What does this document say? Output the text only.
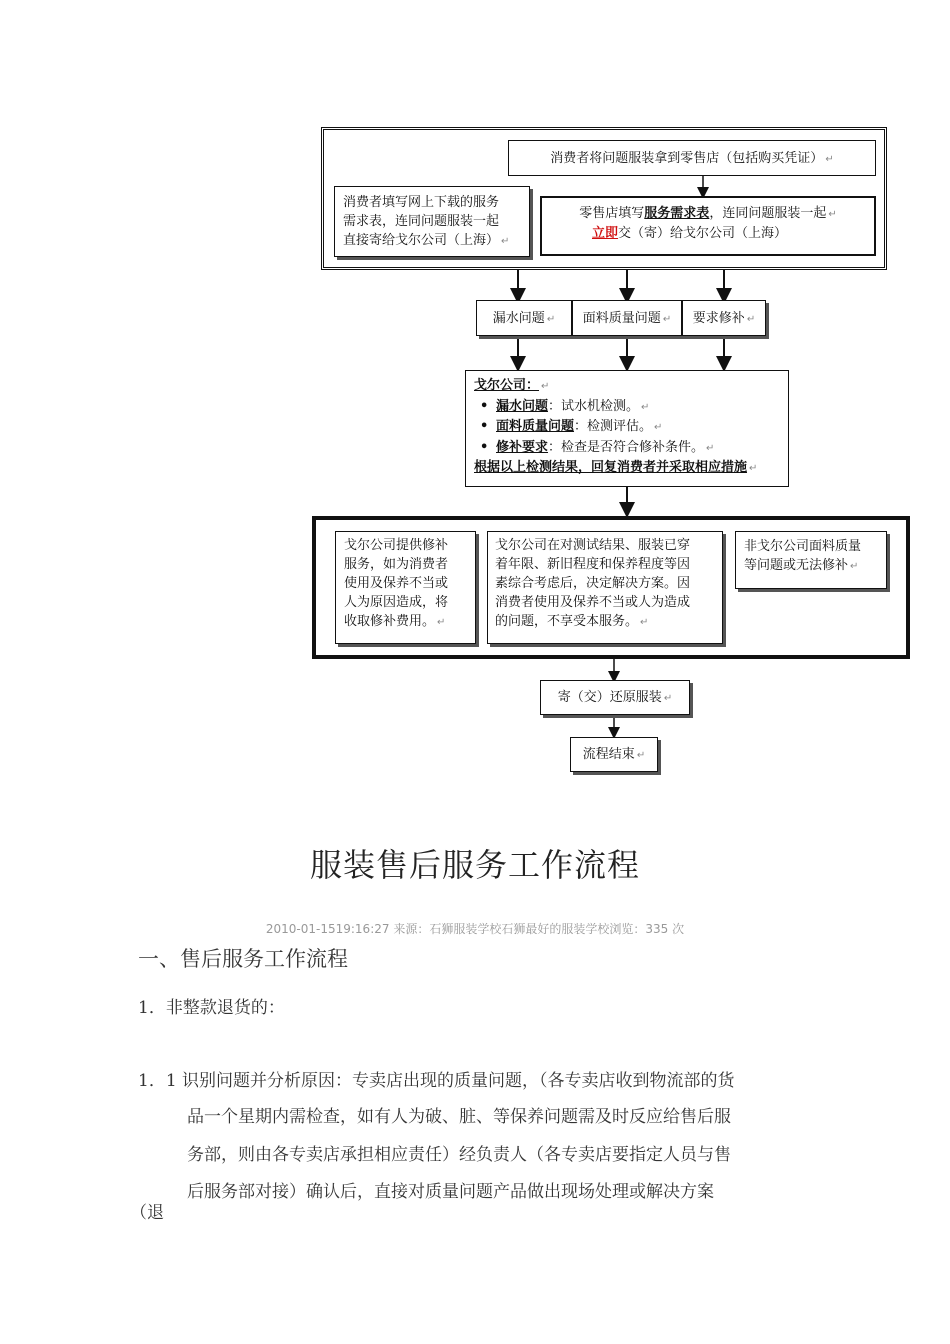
消费者将问题服装拿到零售店（包括购买凭证） ↵
消费者填写网上下载的服务
需求表，连同问题服装一起
直接寄给戈尔公司（上海） ↵
零售店填写服务需求表，连同问题服装一起 ↵
立即交（寄）给戈尔公司（上海）
漏水问题 ↵	面料质量问题 ↵	要求修补 ↵
戈尔公司： ↵
• 漏水问题：试水机检测。 ↵
• 面料质量问题：检测评估。 ↵
• 修补要求：检查是否符合修补条件。 ↵
根据以上检测结果，回复消费者并采取相应措施 ↵
戈尔公司提供修补
服务，如为消费者
使用及保养不当或
人为原因造成，将
收取修补费用。 ↵
戈尔公司在对测试结果、服装已穿
着年限、新旧程度和保养程度等因
素综合考虑后，决定解决方案。因
消费者使用及保养不当或人为造成
的问题，不享受本服务。 ↵
非戈尔公司面料质量
等问题或无法修补 ↵
寄（交）还原服装 ↵
流程结束 ↵
服装售后服务工作流程
2010-01-1519:16:27 来源：石狮服装学校石狮最好的服装学校浏览：335 次
一、售后服务工作流程
1．非整款退货的：
1．1 识别问题并分析原因：专卖店出现的质量问题，（各专卖店收到物流部的货
品一个星期内需检查，如有人为破、脏、等保养问题需及时反应给售后服
务部，则由各专卖店承担相应责任）经负责人（各专卖店要指定人员与售
后服务部对接）确认后，直接对质量问题产品做出现场处理或解决方案
（退
